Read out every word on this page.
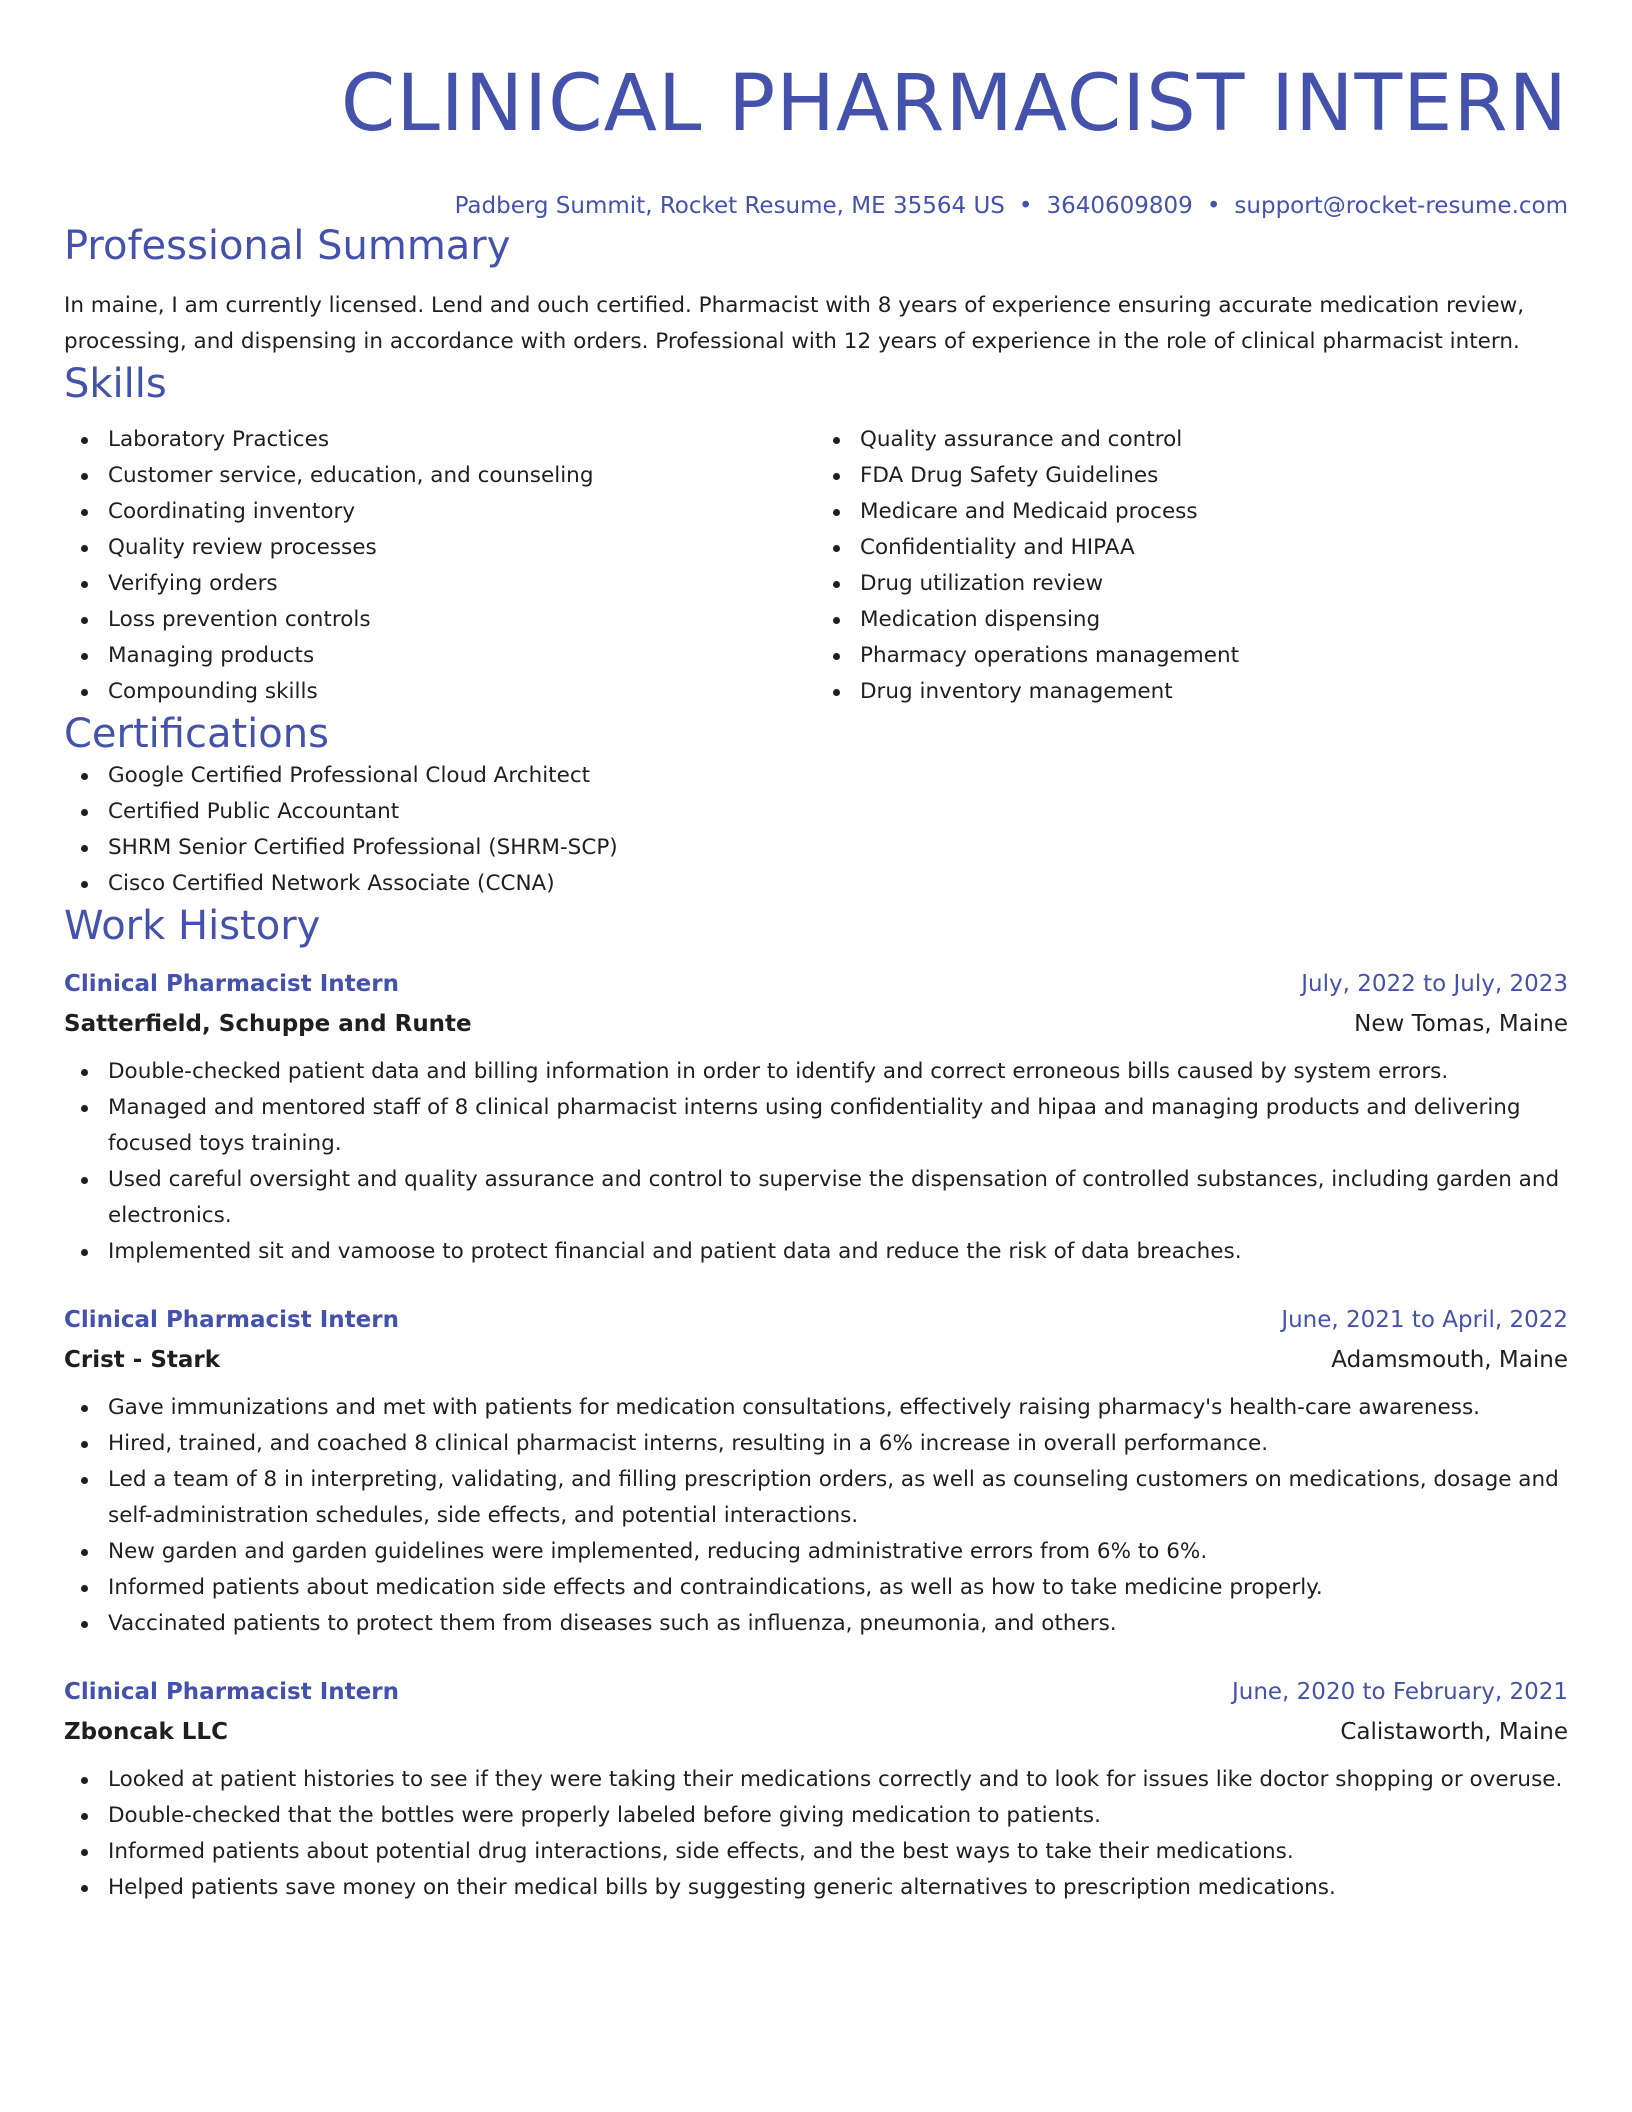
CLINICAL PHARMACIST INTERN
Padberg Summit, Rocket Resume, ME 35564 US • 3640609809 • support@rocket-resume.com
Professional Summary
In maine, I am currently licensed. Lend and ouch certified. Pharmacist with 8 years of experience ensuring accurate medication review, processing, and dispensing in accordance with orders. Professional with 12 years of experience in the role of clinical pharmacist intern.
Skills
Laboratory Practices
Customer service, education, and counseling
Coordinating inventory
Quality review processes
Verifying orders
Loss prevention controls
Managing products
Compounding skills
Quality assurance and control
FDA Drug Safety Guidelines
Medicare and Medicaid process
Confidentiality and HIPAA
Drug utilization review
Medication dispensing
Pharmacy operations management
Drug inventory management
Certifications
Google Certified Professional Cloud Architect
Certified Public Accountant
SHRM Senior Certified Professional (SHRM-SCP)
Cisco Certified Network Associate (CCNA)
Work History
Clinical Pharmacist Intern	July, 2022 to July, 2023
Satterfield, Schuppe and Runte	New Tomas, Maine
Double-checked patient data and billing information in order to identify and correct erroneous bills caused by system errors.
Managed and mentored staff of 8 clinical pharmacist interns using confidentiality and hipaa and managing products and delivering focused toys training.
Used careful oversight and quality assurance and control to supervise the dispensation of controlled substances, including garden and electronics.
Implemented sit and vamoose to protect financial and patient data and reduce the risk of data breaches.
Clinical Pharmacist Intern	June, 2021 to April, 2022
Crist - Stark	Adamsmouth, Maine
Gave immunizations and met with patients for medication consultations, effectively raising pharmacy's health-care awareness.
Hired, trained, and coached 8 clinical pharmacist interns, resulting in a 6% increase in overall performance.
Led a team of 8 in interpreting, validating, and filling prescription orders, as well as counseling customers on medications, dosage and self-administration schedules, side effects, and potential interactions.
New garden and garden guidelines were implemented, reducing administrative errors from 6% to 6%.
Informed patients about medication side effects and contraindications, as well as how to take medicine properly.
Vaccinated patients to protect them from diseases such as influenza, pneumonia, and others.
Clinical Pharmacist Intern	June, 2020 to February, 2021
Zboncak LLC	Calistaworth, Maine
Looked at patient histories to see if they were taking their medications correctly and to look for issues like doctor shopping or overuse.
Double-checked that the bottles were properly labeled before giving medication to patients.
Informed patients about potential drug interactions, side effects, and the best ways to take their medications.
Helped patients save money on their medical bills by suggesting generic alternatives to prescription medications.
